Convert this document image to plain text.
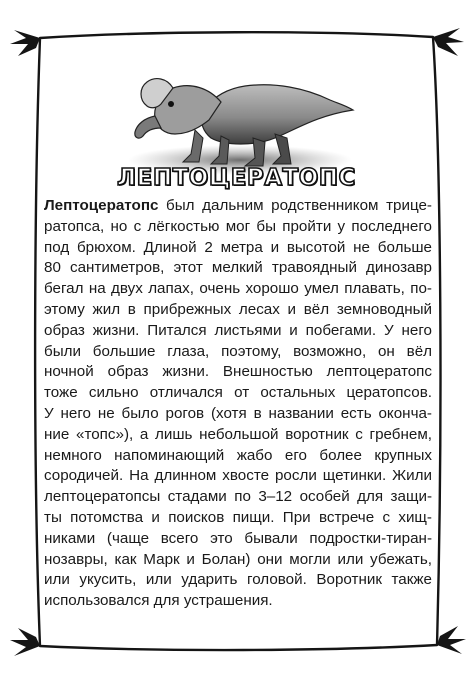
ЛЕПТОЦЕРАТОПС
Лептоцератопс был дальним родственником трице-
ратопса, но с лёгкостью мог бы пройти у последнего
под брюхом. Длиной 2 метра и высотой не больше
80 сантиметров, этот мелкий травоядный динозавр
бегал на двух лапах, очень хорошо умел плавать, по-
этому жил в прибрежных лесах и вёл земноводный
образ жизни. Питался листьями и побегами. У него
были большие глаза, поэтому, возможно, он вёл
ночной образ жизни. Внешностью лептоцератопс
тоже сильно отличался от остальных цератопсов.
У него не было рогов (хотя в названии есть оконча-
ние «топс»), а лишь небольшой воротник с гребнем,
немного напоминающий жабо его более крупных
сородичей. На длинном хвосте росли щетинки. Жили
лептоцератопсы стадами по 3–12 особей для защи-
ты потомства и поисков пищи. При встрече с хищ-
никами (чаще всего это бывали подростки-тиран-
нозавры, как Марк и Болан) они могли или убежать,
или укусить, или ударить головой. Воротник также
использовался для устрашения.
